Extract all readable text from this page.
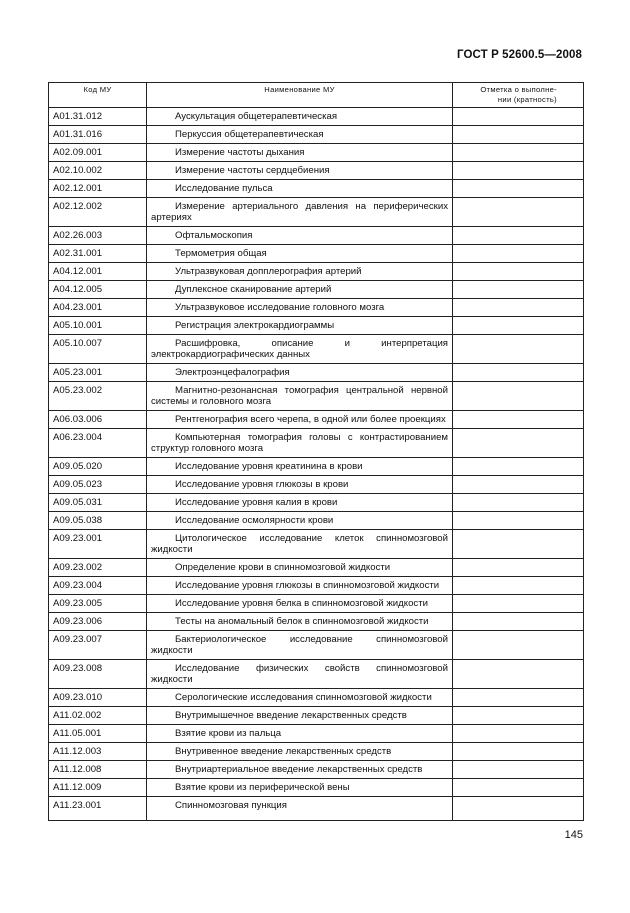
ГОСТ Р 52600.5—2008
Код МУ	Наименование МУ	Отметка о выполне-
нии (кратность)
A01.31.012	Аускультация общетерапевтическая	
A01.31.016	Перкуссия общетерапевтическая	
A02.09.001	Измерение частоты дыхания	
A02.10.002	Измерение частоты сердцебиения	
A02.12.001	Исследование пульса	
A02.12.002	Измерение артериального давления на периферических артериях	
A02.26.003	Офтальмоскопия	
A02.31.001	Термометрия общая	
A04.12.001	Ультразвуковая допплерография артерий	
A04.12.005	Дуплексное сканирование артерий	
A04.23.001	Ультразвуковое исследование головного мозга	
A05.10.001	Регистрация электрокардиограммы	
A05.10.007	Расшифровка, описание и интерпретация электрокардиографических данных	
A05.23.001	Электроэнцефалография	
A05.23.002	Магнитно-резонансная томография центральной нервной системы и головного мозга	
A06.03.006	Рентгенография всего черепа, в одной или более проекциях	
A06.23.004	Компьютерная томография головы с контрастированием структур головного мозга	
A09.05.020	Исследование уровня креатинина в крови	
A09.05.023	Исследование уровня глюкозы в крови	
A09.05.031	Исследование уровня калия в крови	
A09.05.038	Исследование осмолярности крови	
A09.23.001	Цитологическое исследование клеток спинномозговой жидкости	
A09.23.002	Определение крови в спинномозговой жидкости	
A09.23.004	Исследование уровня глюкозы в спинномозговой жидкости	
A09.23.005	Исследование уровня белка в спинномозговой жидкости	
A09.23.006	Тесты на аномальный белок в спинномозговой жидкости	
A09.23.007	Бактериологическое исследование спинномозговой жидкости	
A09.23.008	Исследование физических свойств спинномозговой жидкости	
A09.23.010	Серологические исследования спинномозговой жидкости	
A11.02.002	Внутримышечное введение лекарственных средств	
A11.05.001	Взятие крови из пальца	
A11.12.003	Внутривенное введение лекарственных средств	
A11.12.008	Внутриартериальное введение лекарственных средств	
A11.12.009	Взятие крови из периферической вены	
A11.23.001	Спинномозговая пункция	
145
